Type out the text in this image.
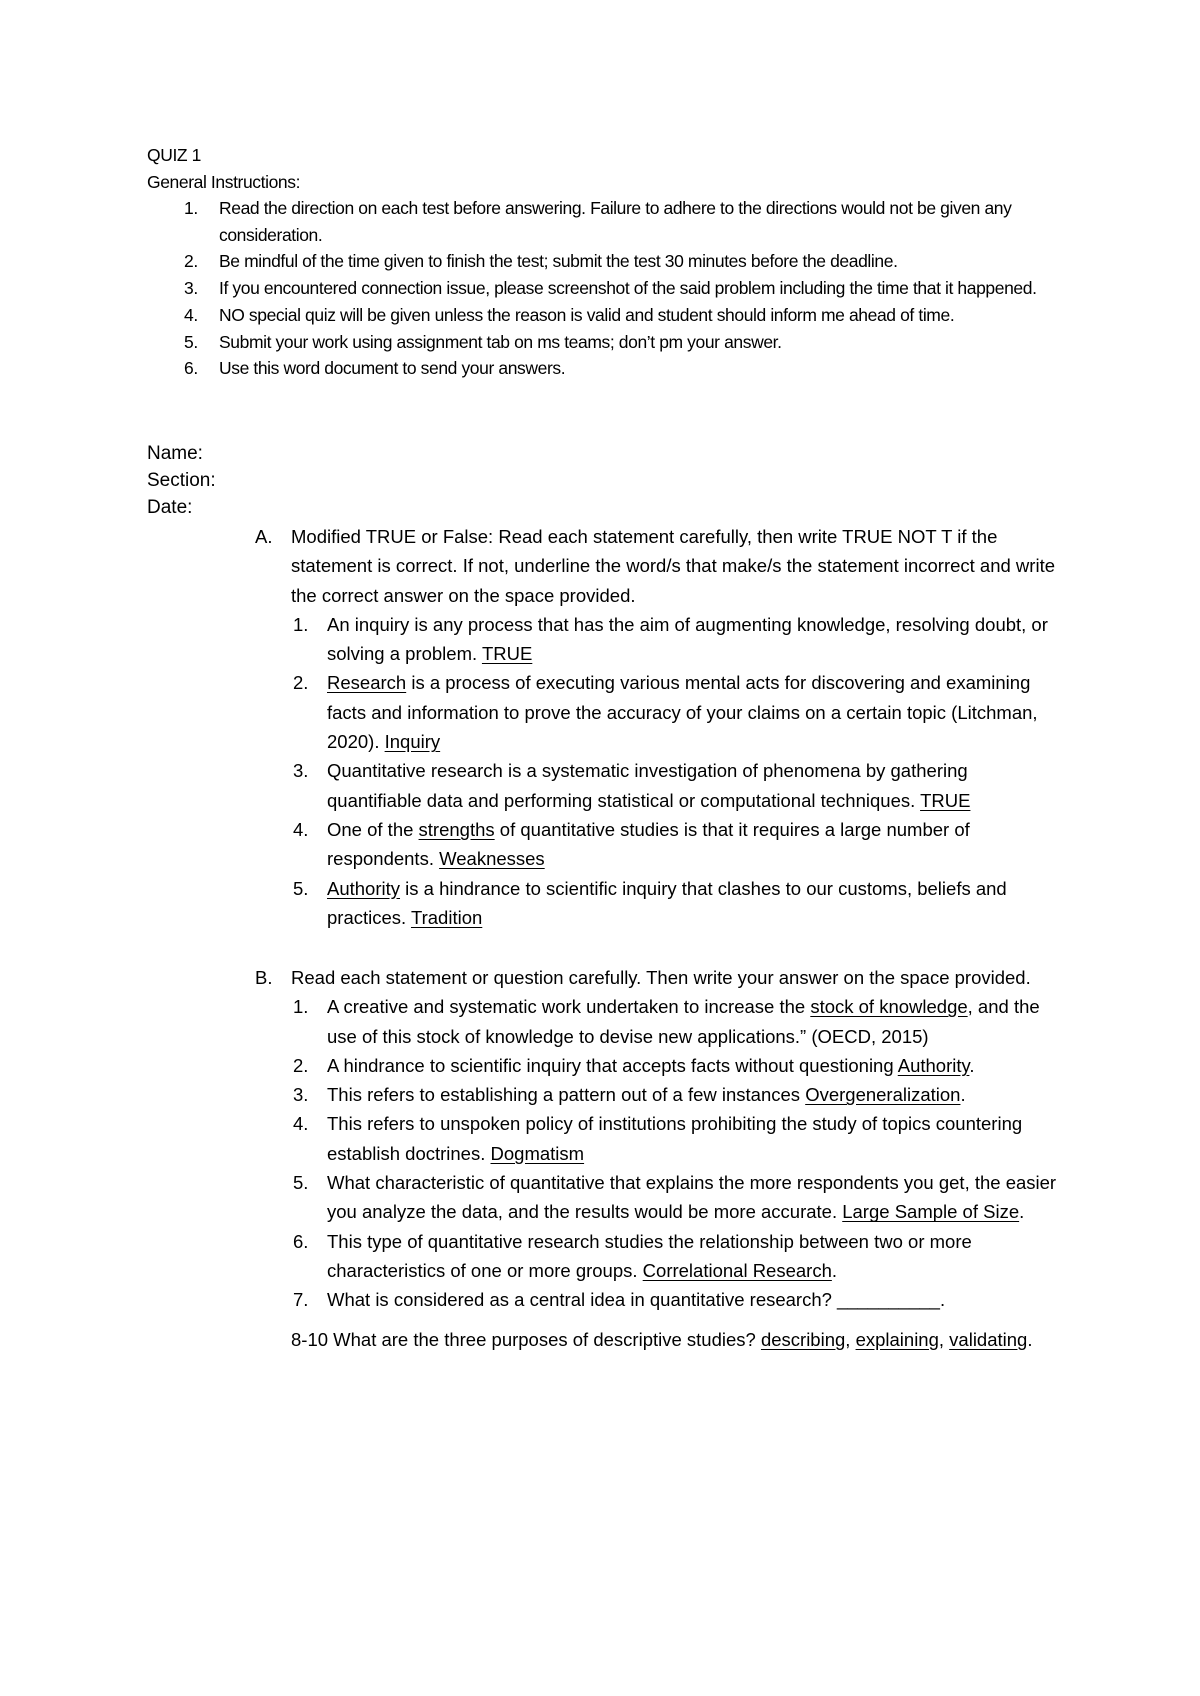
QUIZ 1
General Instructions:
1. Read the direction on each test before answering. Failure to adhere to the directions would not be given any consideration.
2. Be mindful of the time given to finish the test; submit the test 30 minutes before the deadline.
3. If you encountered connection issue, please screenshot of the said problem including the time that it happened.
4. NO special quiz will be given unless the reason is valid and student should inform me ahead of time.
5. Submit your work using assignment tab on ms teams; don’t pm your answer.
6. Use this word document to send your answers.
Name:
Section:
Date:
A. Modified TRUE or False: Read each statement carefully, then write TRUE NOT T if the statement is correct. If not, underline the word/s that make/s the statement incorrect and write the correct answer on the space provided.
1. An inquiry is any process that has the aim of augmenting knowledge, resolving doubt, or solving a problem. TRUE
2. Research is a process of executing various mental acts for discovering and examining facts and information to prove the accuracy of your claims on a certain topic (Litchman, 2020). Inquiry
3. Quantitative research is a systematic investigation of phenomena by gathering quantifiable data and performing statistical or computational techniques. TRUE
4. One of the strengths of quantitative studies is that it requires a large number of respondents. Weaknesses
5. Authority is a hindrance to scientific inquiry that clashes to our customs, beliefs and practices. Tradition
B. Read each statement or question carefully. Then write your answer on the space provided.
1. A creative and systematic work undertaken to increase the stock of knowledge, and the use of this stock of knowledge to devise new applications.” (OECD, 2015)
2. A hindrance to scientific inquiry that accepts facts without questioning Authority.
3. This refers to establishing a pattern out of a few instances Overgeneralization.
4. This refers to unspoken policy of institutions prohibiting the study of topics countering establish doctrines. Dogmatism
5. What characteristic of quantitative that explains the more respondents you get, the easier you analyze the data, and the results would be more accurate. Large Sample of Size.
6. This type of quantitative research studies the relationship between two or more characteristics of one or more groups. Correlational Research.
7. What is considered as a central idea in quantitative research? __________.
8-10 What are the three purposes of descriptive studies? describing, explaining, validating.
